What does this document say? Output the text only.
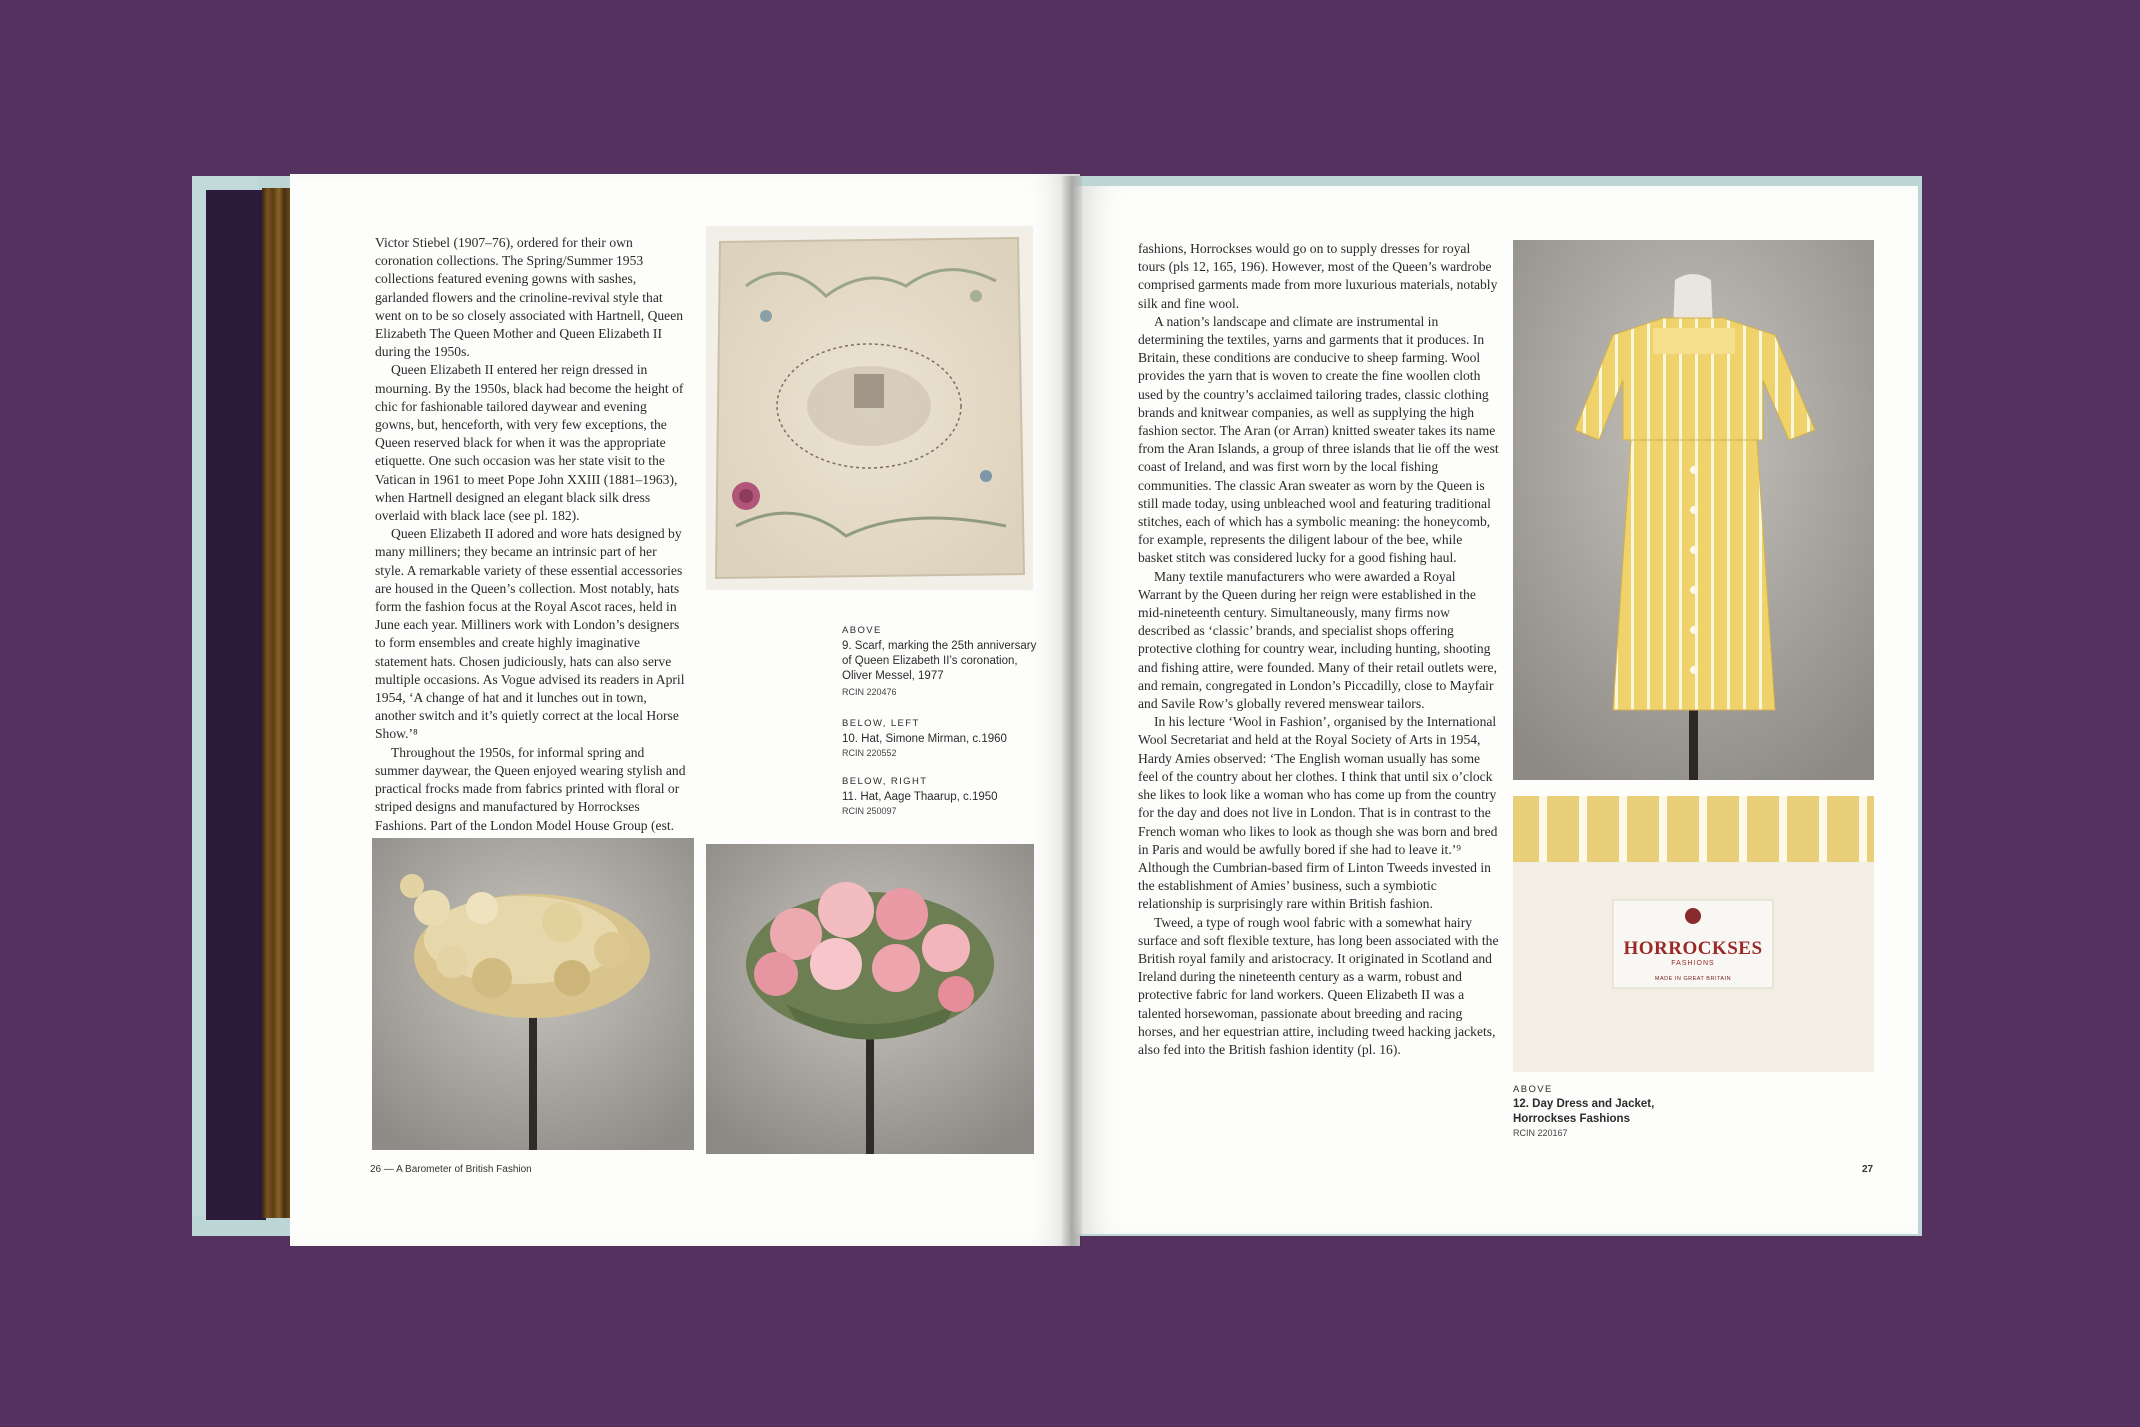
Victor Stiebel (1907–76), ordered for their own coronation collections. The Spring/Summer 1953 collections featured evening gowns with sashes, garlanded flowers and the crinoline-revival style that went on to be so closely associated with Hartnell, Queen Elizabeth The Queen Mother and Queen Elizabeth II during the 1950s.

Queen Elizabeth II entered her reign dressed in mourning. By the 1950s, black had become the height of chic for fashionable tailored daywear and evening gowns, but, henceforth, with very few exceptions, the Queen reserved black for when it was the appropriate etiquette. One such occasion was her state visit to the Vatican in 1961 to meet Pope John XXIII (1881–1963), when Hartnell designed an elegant black silk dress overlaid with black lace (see pl. 182).

Queen Elizabeth II adored and wore hats designed by many milliners; they became an intrinsic part of her style. A remarkable variety of these essential accessories are housed in the Queen’s collection. Most notably, hats form the fashion focus at the Royal Ascot races, held in June each year. Milliners work with London’s designers to form ensembles and create highly imaginative statement hats. Chosen judiciously, hats can also serve multiple occasions. As Vogue advised its readers in April 1954, ‘A change of hat and it lunches out in town, another switch and it’s quietly correct at the local Horse Show.’⁸

Throughout the 1950s, for informal spring and summer daywear, the Queen enjoyed wearing stylish and practical frocks made from fabrics printed with floral or striped designs and manufactured by Horrockses Fashions. Part of the London Model House Group (est.

ABOVE
9. Scarf, marking the 25th anniversary of Queen Elizabeth II’s coronation, Oliver Messel, 1977
RCIN 220476
BELOW, LEFT
10. Hat, Simone Mirman, c.1960
RCIN 220552
BELOW, RIGHT
11. Hat, Aage Thaarup, c.1950
RCIN 250097
26 — A Barometer of British Fashion

fashions, Horrockses would go on to supply dresses for royal tours (pls 12, 165, 196). However, most of the Queen’s wardrobe comprised garments made from more luxurious materials, notably silk and fine wool.

A nation’s landscape and climate are instrumental in determining the textiles, yarns and garments that it produces. In Britain, these conditions are conducive to sheep farming. Wool provides the yarn that is woven to create the fine woollen cloth used by the country’s acclaimed tailoring trades, classic clothing brands and knitwear companies, as well as supplying the high fashion sector. The Aran (or Arran) knitted sweater takes its name from the Aran Islands, a group of three islands that lie off the west coast of Ireland, and was first worn by the local fishing communities. The classic Aran sweater as worn by the Queen is still made today, using unbleached wool and featuring traditional stitches, each of which has a symbolic meaning: the honeycomb, for example, represents the diligent labour of the bee, while basket stitch was considered lucky for a good fishing haul.

Many textile manufacturers who were awarded a Royal Warrant by the Queen during her reign were established in the mid-nineteenth century. Simultaneously, many firms now described as ‘classic’ brands, and specialist shops offering protective clothing for country wear, including hunting, shooting and fishing attire, were founded. Many of their retail outlets were, and remain, congregated in London’s Piccadilly, close to Mayfair and Savile Row’s globally revered menswear tailors.

In his lecture ‘Wool in Fashion’, organised by the International Wool Secretariat and held at the Royal Society of Arts in 1954, Hardy Amies observed: ‘The English woman usually has some feel of the country about her clothes. I think that until six o’clock she likes to look like a woman who has come up from the country for the day and does not live in London. That is in contrast to the French woman who likes to look as though she was born and bred in Paris and would be awfully bored if she had to leave it.’⁹ Although the Cumbrian-based firm of Linton Tweeds invested in the establishment of Amies’ business, such a symbiotic relationship is surprisingly rare within British fashion.

Tweed, a type of rough wool fabric with a somewhat hairy surface and soft flexible texture, has long been associated with the British royal family and aristocracy. It originated in Scotland and Ireland during the nineteenth century as a warm, robust and protective fabric for land workers. Queen Elizabeth II was a talented horsewoman, passionate about breeding and racing horses, and her equestrian attire, including tweed hacking jackets, also fed into the British fashion identity (pl. 16).

HORROCKSES
FASHIONS
MADE IN GREAT BRITAIN
ABOVE
12. Day Dress and Jacket, Horrockses Fashions
RCIN 220167
27
